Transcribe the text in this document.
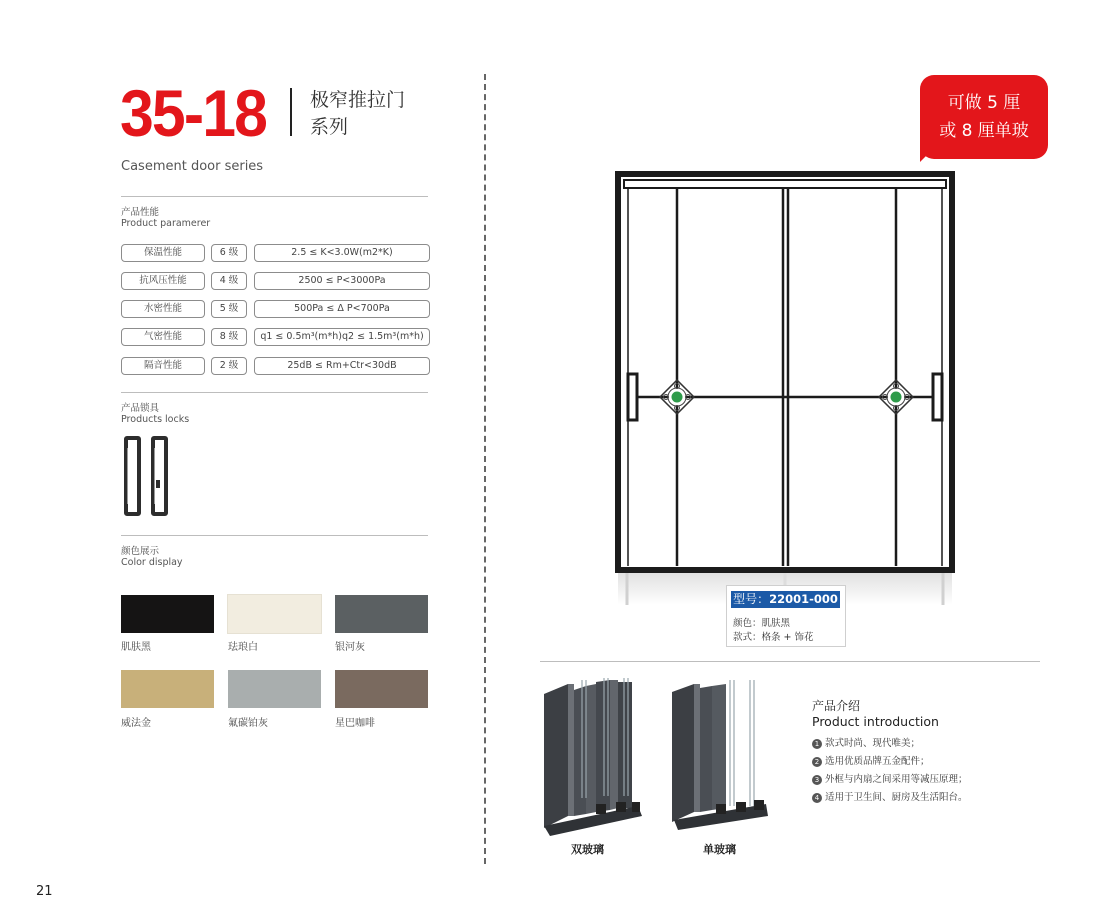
35-18 极窄推拉门
系列
Casement door series
产品性能
Product paramerer
保温性能	6 级	2.5 ≤ K<3.0W(m2*K)
抗风压性能	4 级	2500 ≤ P<3000Pa
水密性能	5 级	500Pa ≤ Δ P<700Pa
气密性能	8 级	q1 ≤ 0.5m³(m*h)q2 ≤ 1.5m³(m*h)
隔音性能	2 级	25dB ≤ Rm+Ctr<30dB
产品锁具
Products locks
颜色展示
Color display
肌肤黑	珐琅白	银河灰
威法金	氟碳铂灰	星巴咖啡
可做 5 厘
或 8 厘单玻
型号：22001-000
颜色：肌肤黑
款式：格条 + 饰花
双玻璃	单玻璃
产品介绍
Product introduction
1 款式时尚、现代唯美；
2 选用优质品牌五金配件；
3 外框与内扇之间采用等减压原理；
4 适用于卫生间、厨房及生活阳台。
21
